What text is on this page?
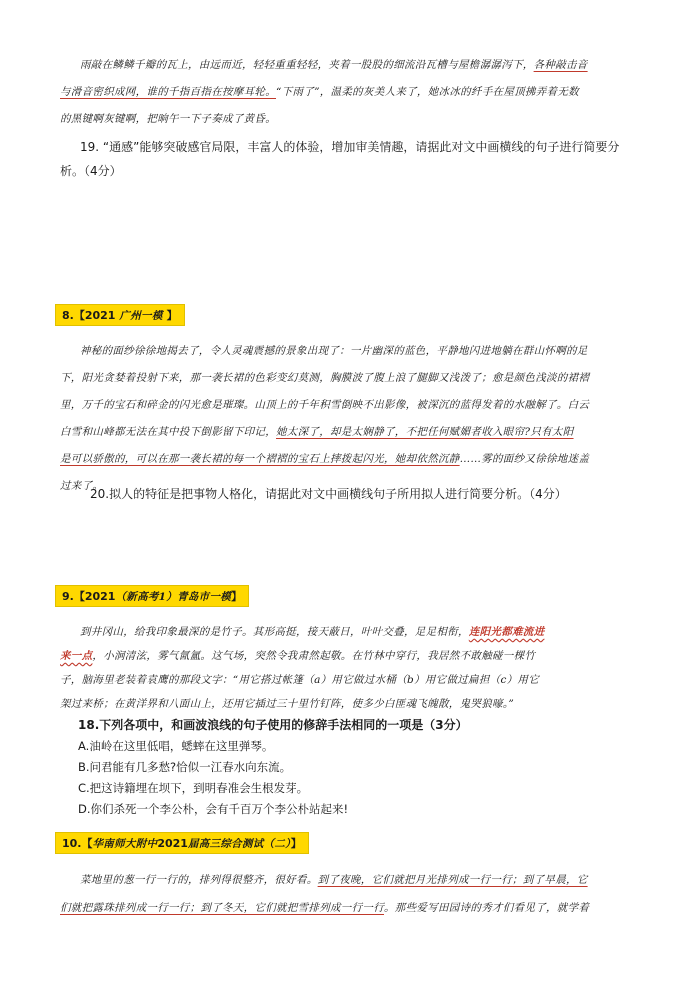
雨敲在鳞鳞千瓣的瓦上，由远而近，轻轻重重轻轻，夹着一股股的细流沿瓦槽与屋檐潺潺泻下，各种敲击音
与滑音密织成网，谁的千指百指在按摩耳轮。“下雨了”，温柔的灰美人来了，她冰冰的纤手在屋顶拂弄着无数
的黑键啊灰键啊，把晌午一下子奏成了黄昏。
19. “通感”能够突破感官局限，丰富人的体验，增加审美情趣，请据此对文中画横线的句子进行简要分
析。（4分）
8.【2021 广州一模 】
神秘的面纱徐徐地揭去了，令人灵魂震撼的景象出现了：一片幽深的蓝色，平静地闪进地躺在群山怀啊的足
下，阳光贪婪着投射下来，那一袭长裙的色彩变幻莫测，胸膜波了腹上浪了腿脚又浅泼了；愈是颜色浅淡的裙褶
里，万千的宝石和碎金的闪光愈是璀璨。山顶上的千年积雪倒映不出影像，被深沉的蓝得发着的水融解了。白云
白雪和山峰都无法在其中投下倒影留下印记，她太深了，却是太娴静了，不把任何赋媚者收入眼帘?只有太阳
是可以骄傲的，可以在那一袭长裙的每一个褶褶的宝石上摔拨起闪光，她却依然沉静……雾的面纱又徐徐地迷盖
过来了。
20.拟人的特征是把事物人格化，请据此对文中画横线句子所用拟人进行简要分析。（4分）
9.【2021（新高考1）青岛市一模】
到井冈山，给我印象最深的是竹子。其形高挺，接天蔽日，叶叶交叠，足足相衔，连阳光都难流进
来一点，小涧清泫，雾气氤氲。这气场，突然令我肃然起敬。在竹林中穿行，我居然不敢触碰一棵竹
子，脑海里老装着袁鹰的那段文字：“用它搭过帐篷（a）用它做过水桶（b）用它做过扁担（c）用它
架过来桥；在黄洋界和八面山上，还用它插过三十里竹钉阵，使多少白匪魂飞魄散，鬼哭狼嚎。”
18.下列各项中，和画波浪线的句子使用的修辞手法相同的一项是（3分）
A.油岭在这里低唱，蟋蟀在这里弹琴。
B.问君能有几多愁?恰似一江春水向东流。
C.把这诗籍埋在坝下，到明春准会生根发芽。
D.你们杀死一个李公朴，会有千百万个李公朴站起来!
10.【华南师大附中2021届高三综合测试（二）】
菜地里的葱一行一行的，排列得很整齐，很好看。到了夜晚，它们就把月光排列成一行一行；到了早晨，它
们就把露珠排列成一行一行；到了冬天，它们就把雪排列成一行一行。那些爱写田园诗的秀才们看见了，就学着
